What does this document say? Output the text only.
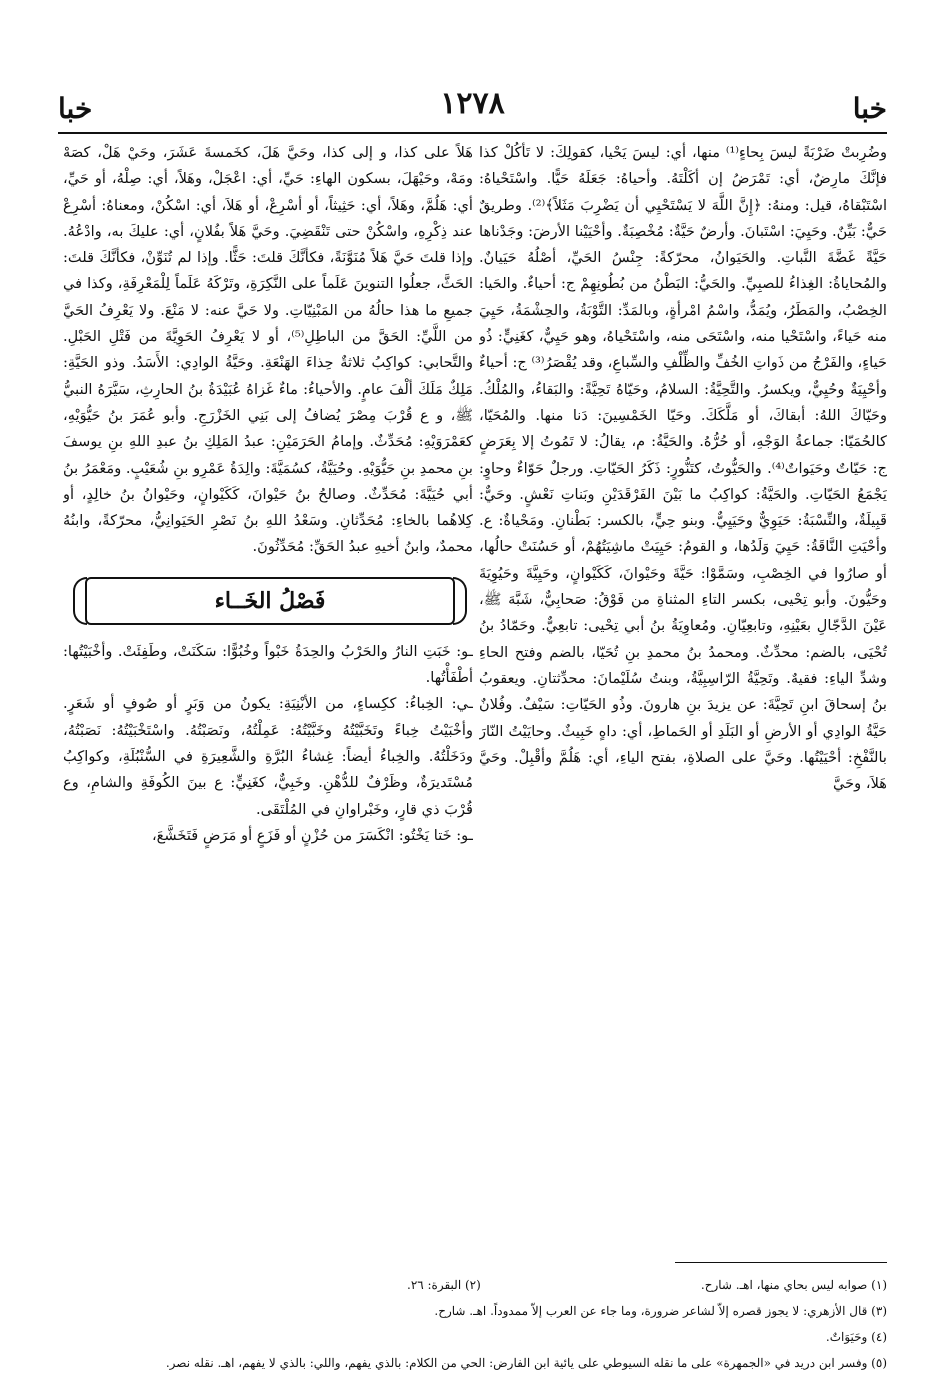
خبا
١٢٧٨
خبا

وضُرِبتْ ضَرْبَةً ليسَ بِحاءٍ⁽¹⁾ منها، أي: ليسَ يَحْيا، كقولِكَ: لا تَأكُلْ كذا فإنَّكَ مارِضٌ، أي: تَمْرَضُ إن أكَلْتَهُ. وأحياهُ: جَعَلَهُ حَيًّا. واسْتَحْياهُ: اسْتَبْقاهُ، قيل: ومنهُ: ﴿إِنَّ اللَّهَ لا يَسْتَحْيِي أن يَضْرِبَ مَثَلاً﴾⁽²⁾. وطريقٌ حَيٌّ: بَيِّنٌ. وحَيِيَ: اسْتَبانَ. وأرضٌ حَيَّةٌ: مُخْصِبَةٌ. وأحْيَيْنا الأرضَ: وجَدْناها حَيَّةً غَضَّةَ النَّباتِ. والحَيَوانُ، محرّكةً: جِنْسُ الحَيِّ، أصْلُهُ حَيَيانٌ. والمُحاياةُ: الغِذاءُ للصبِيِّ. والحَيُّ: البَطْنُ من بُطُونِهِمْ ج: أحياءٌ. والحَيا: الخِصْبُ، والمَطَرُ، ويُمَدُّ، واسْمُ امْرأةٍ، وبالمَدِّ: التَّوْبَةُ، والحِشْمَةُ، حَيِيَ منه حَياءً، واسْتَحْيا منه، واسْتَحَى منه، واسْتَحْياهُ، وهو حَيِيٌّ، كغَنِيٍّ: ذُو حَياءٍ، والفَرْجُ من ذَواتِ الخُفِّ والظِّلْفِ والسِّباعِ، وقد يُقْصَرُ⁽³⁾ ج: أحياءٌ وأحْيِيَةٌ وحُيِيٌّ، ويكسرُ. والتَّحِيَّةُ: السلامُ، وحَيّاهُ تَحِيَّةً: والبَقاءُ، والمُلْكُ. وحَيّاكَ اللهُ: أبقاكَ، أو مَلَّكَكَ. وحَيّا الخَمْسِينَ: دَنا منها. والمُحَيّا، كالحُمَيّا: جماعةُ الوَجْهِ، أو حُرُّهُ. والحَيَّةُ: م، يقالُ: لا تَمُوتُ إلا بِعَرَضٍ ج: حَيّاتٌ وحَيَواتٌ⁽⁴⁾. والحَيُّوتُ، كتَنُّورٍ: ذَكَرُ الحَيّاتِ. ورجلٌ حَوّاءٌ وحاوٍ: يَجْمَعُ الحَيّاتِ. والحَيَّةُ: كواكِبُ ما بَيْنَ الفَرْقَدَيْنِ وبَناتِ نَعْشٍ. وحَيٌّ: قَبِيلَةٌ، والنِّسْبَةُ: حَيَوِيٌّ وحَيَيِيٌّ. وبنو حِيٍّ، بالكسر: بَطْنانِ. ومَحْياةٌ: ع. وأحْيَتِ النَّاقَةُ: حَيِيَ وَلَدُها، و القومُ: حَيِيَتْ ماشِيَتُهُمْ، أو حَسُنَتْ حالُها، أو صارُوا في الخِصْبِ، وسَمَّوْا: حَيَّةَ وحَيْوانَ، كَكَيْوانٍ، وحَيِيَّةَ وحَيُوِيَةَ وحَيُّونَ. وأبو تِحْيى، بكسر التاءِ المثناةِ من فَوْقُ: صَحابِيٌّ، شَبَّهَ ﷺ، عَيْنَ الدَّجّالِ بعَيْنِهِ، وتابعِيّانِ. ومُعاوِيَةُ بنُ أبي تِحْيى: تابعِيٌّ. وحَمّادُ بنُ تُحْيَى، بالضم: محدِّثٌ. ومحمدُ بنُ محمدِ بنِ تُحَيّا، بالضم وفتح الحاءِ وشدِّ الياءِ: فقيهٌ. وتَحِيَّةُ الرّاسِبِيَّةُ، وبنتُ سُلَيْمانَ: محدِّثتانِ. ويعقوبُ بنُ إسحاقَ ابنِ تَحِيَّةَ: عن يزيدَ بنِ هارونَ. وذُو الحَيّاتِ: سَيْفٌ. وفُلانٌ حَيَّةُ الوادِي أو الأرضِ أو البَلَدِ أو الحَماطِ، أي: داهٍ خَبِيثٌ. وحايَيْتُ النّارَ بالنَّفْخِ: أحْيَيْتُها. وحَيَّ على الصلاةِ، بفتح الياءِ، أي: هَلُمَّ وأقْبِلْ. وحَيَّ هَلاَ، وحَيَّ

هَلاً على كذا، و إلى كذا، وحَيَّ هَلَ، كخَمسةَ عَشَرَ، وحَيْ هَلْ، كصَهْ ومَهْ، وحَيْهَلَ، بسكون الهاءِ: حَيِّ، أي: اعْجَلْ، وهَلاً، أي: صِلْهُ، أو حَيِّ، أي: هَلُمَّ، وهَلاً، أي: حَثِيثاً، أو أسْرِعْ، أو هَلاَ، أي: اسْكُنْ، ومعناهُ: أسْرِعْ عند ذِكْرِهِ، واسْكُنْ حتى تَنْقَضِيَ. وحَيَّ هَلاً بفُلانٍ، أي: عليكَ به، وادْعُهُ. وإذا قلتَ حَيَّ هَلاً مُنَوَّنَةً، فكأنَّكَ قلتَ: حَثًّا. وإذا لم تُنَوِّنْ، فكأنَّكَ قلتَ: الحَثَّ، جعلُوا التنوينَ عَلَماً على النَّكِرَةِ، وتَرْكَهُ عَلَماً لِلْمَعْرِفَةِ، وكذا في جميعِ ما هذا حالُهُ من المَبْنِيّاتِ. ولا حَيَّ عنه: لا مَنْعَ. ولا يَعْرِفُ الحَيَّ من اللَّيِّ: الحَقَّ من الباطِلِ⁽⁵⁾، أو لا يَعْرِفُ الحَوِيَّةَ من فَتْلِ الحَبْلِ. والتَّحابي: كواكِبُ ثلاثةٌ حِذاءَ الهَنْعَةِ. وحَيَّةُ الوادِي: الأَسَدُ. وذو الحَيَّةِ: مَلِكٌ مَلَكَ ألْفَ عامٍ. والأحياءُ: ماءٌ غَزاهُ عُبَيْدَةُ بنُ الحارِثِ، سَيَّرَهُ النبيُّ ﷺ، و ع قُرْبَ مِصْرَ يُضافُ إلى بَنِي الخَزْرَجِ. وأبو عُمَرَ بنُ حَيُّوَيْهِ، كعَمْرَوَيْهِ: مُحَدِّثٌ. وإمامُ الحَرَمَيْنِ: عبدُ المَلِكِ بنُ عبدِ اللهِ بنِ يوسفَ بنِ محمدِ بنِ حَيُّوَيْهِ. وحُيَيَّةُ، كسُمَيَّةَ: والِدَةُ عَمْرِو بنِ شُعَيْبٍ. ومَعْمَرُ بنُ أبي حُيَيَّةَ: مُحَدِّثٌ. وصالحُ بنُ حَيْوانَ، كَكَيْوانٍ، وحَيْوانُ بنُ خالِدٍ، أو كِلاهُما بالخاءِ: مُحَدِّثانِ. وسَعْدُ اللهِ بنُ نَصْرِ الحَيَوانِيُّ، محرّكةً، وابنُهُ محمدٌ، وابنُ أخيهِ عبدُ الحَقِّ: مُحَدِّثُونَ.

فَصْلُ الخَــاء

ـو: خَبَتِ النارُ والحَرْبُ والحِدَةُ خَبْواً وخُبُوًّا: سَكَنَتْ، وطَفِئَتْ. وأخْبَيْتُها: أطْفَأْتُها.

ـي: الخِباءُ: ككِساءٍ، من الأبْنِيَةِ: يكونُ من وَبَرٍ أو صُوفٍ أو شَعَرٍ. وأخْبَيْتُ خِباءً وتَخَبَّيْتُهُ وخَبَّيْتُهُ: عَمِلْتُهُ، ونَصَبْتُهُ. واسْتَخْبَيْتُهُ: نَصَبْتُهُ، ودَخَلْتُهُ. والخِباءُ أيضاً: غِشاءُ البُرَّةِ والشَّعِيرَةِ في السُّنْبُلَةِ، وكواكِبُ مُسْتَديرَةٌ، وظَرْفٌ للدُّهْنِ. وخَبِيٌّ، كغَنِيٍّ: ع بينَ الكُوفَةِ والشامِ، وع قُرْبَ ذي قارٍ، وخَبْراوانِ في المُلْتَقَى.

ـو: خَتا يَخْتُو: انْكَسَرَ من حُزْنٍ أو فَزَعٍ أو مَرَضٍ فَتَخَشَّعَ،

(١) صوابه ليس بحاي منها، اهـ. شارح.
(٢) البقرة: ٢٦.
(٣) قال الأزهري: لا يجوز قصره إلاّ لشاعر ضرورة، وما جاء عن العرب إلاّ ممدوداً. اهـ. شارح.
(٤) وحَيَوَاتٌ.
(٥) وفسر ابن دريد في «الجمهرة» على ما نقله السيوطي على يائية ابن الفارض: الحي من الكلام: بالذي يفهم، واللي: بالذي لا يفهم، اهـ. نقله نصر.
